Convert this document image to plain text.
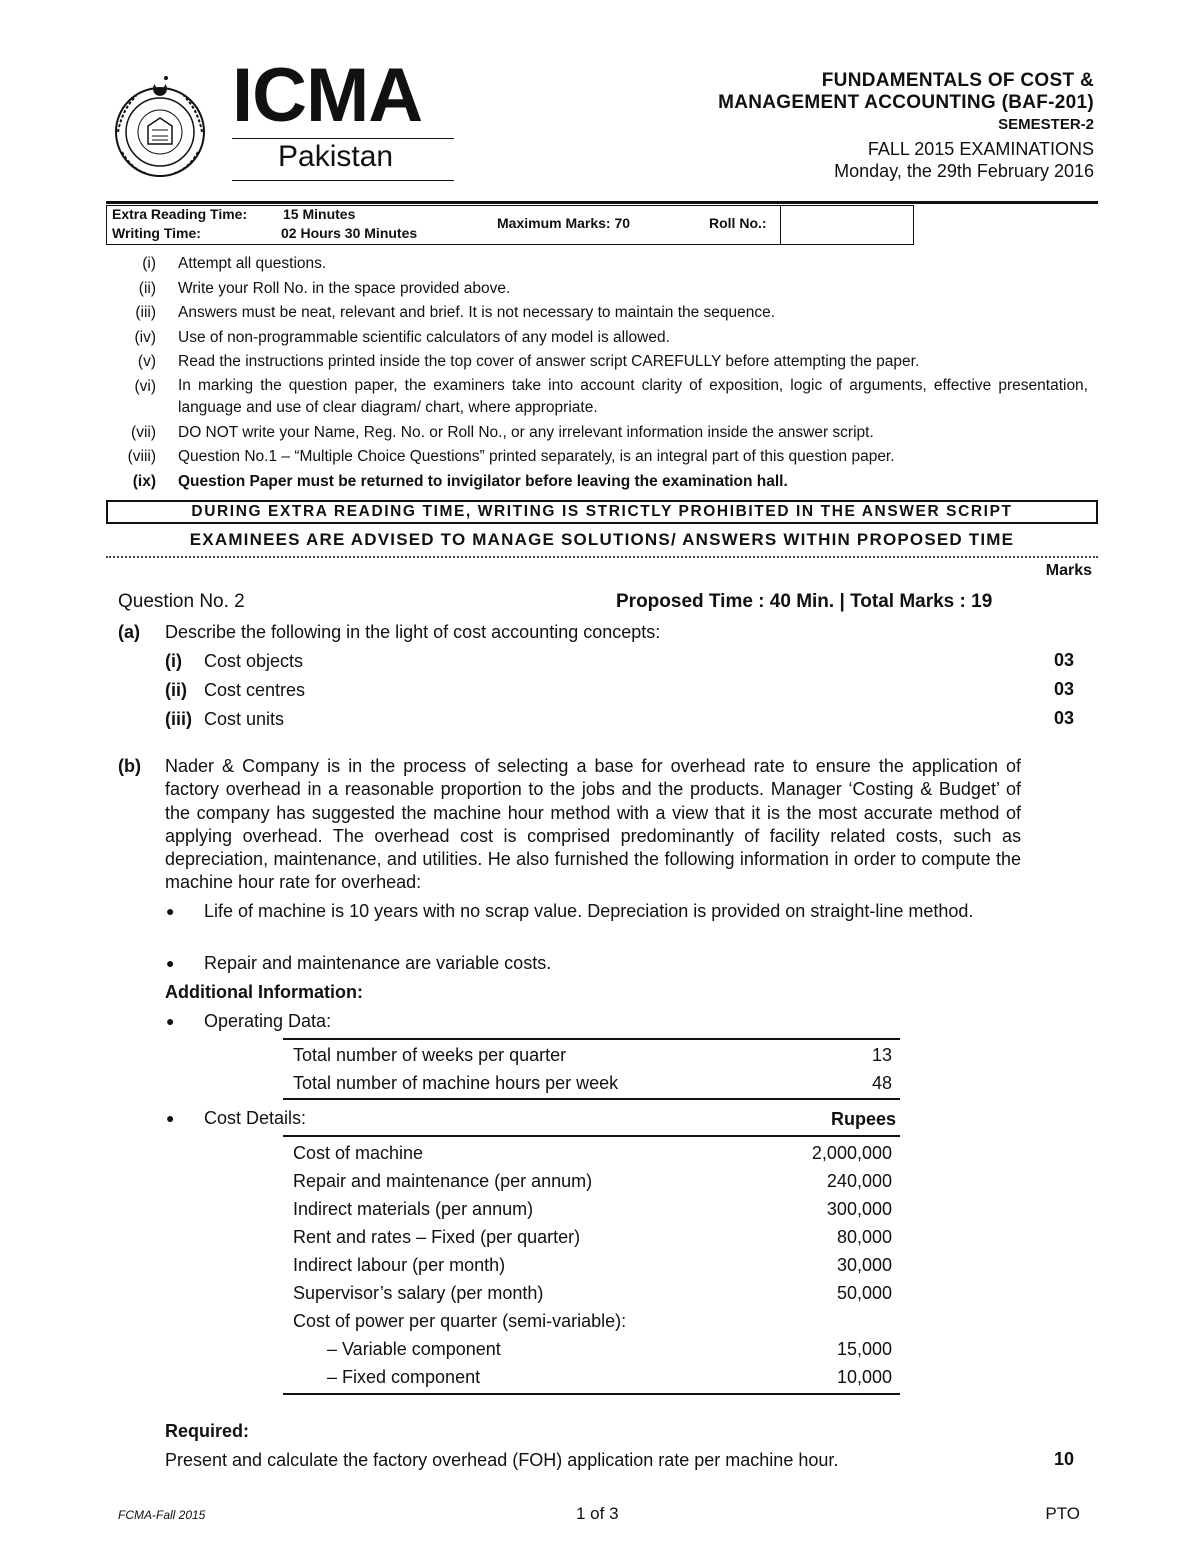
ICMA
Pakistan
FUNDAMENTALS OF COST &
MANAGEMENT ACCOUNTING (BAF-201)
SEMESTER-2
FALL 2015 EXAMINATIONS
Monday, the 29th February 2016
Extra Reading Time:	15 Minutes
Writing Time:	02 Hours 30 Minutes
Maximum Marks: 70	Roll No.:
(i) Attempt all questions.
(ii) Write your Roll No. in the space provided above.
(iii) Answers must be neat, relevant and brief. It is not necessary to maintain the sequence.
(iv) Use of non-programmable scientific calculators of any model is allowed.
(v) Read the instructions printed inside the top cover of answer script CAREFULLY before attempting the paper.
(vi) In marking the question paper, the examiners take into account clarity of exposition, logic of arguments, effective presentation, language and use of clear diagram/ chart, where appropriate.
(vii) DO NOT write your Name, Reg. No. or Roll No., or any irrelevant information inside the answer script.
(viii) Question No.1 – “Multiple Choice Questions” printed separately, is an integral part of this question paper.
(ix) Question Paper must be returned to invigilator before leaving the examination hall.
DURING EXTRA READING TIME, WRITING IS STRICTLY PROHIBITED IN THE ANSWER SCRIPT
EXAMINEES ARE ADVISED TO MANAGE SOLUTIONS/ ANSWERS WITHIN PROPOSED TIME
Marks
Question No. 2	Proposed Time : 40 Min. | Total Marks : 19
(a) Describe the following in the light of cost accounting concepts:
(i) Cost objects	03
(ii) Cost centres	03
(iii) Cost units	03
(b) Nader & Company is in the process of selecting a base for overhead rate to ensure the application of factory overhead in a reasonable proportion to the jobs and the products. Manager ‘Costing & Budget’ of the company has suggested the machine hour method with a view that it is the most accurate method of applying overhead. The overhead cost is comprised predominantly of facility related costs, such as depreciation, maintenance, and utilities. He also furnished the following information in order to compute the machine hour rate for overhead:
● Life of machine is 10 years with no scrap value. Depreciation is provided on straight-line method.
● Repair and maintenance are variable costs.
Additional Information:
● Operating Data:
Total number of weeks per quarter	13
Total number of machine hours per week	48
● Cost Details:	Rupees
Cost of machine	2,000,000
Repair and maintenance (per annum)	240,000
Indirect materials (per annum)	300,000
Rent and rates – Fixed (per quarter)	80,000
Indirect labour (per month)	30,000
Supervisor’s salary (per month)	50,000
Cost of power per quarter (semi-variable):
– Variable component	15,000
– Fixed component	10,000
Required:
Present and calculate the factory overhead (FOH) application rate per machine hour.	10
FCMA-Fall 2015	1 of 3	PTO
